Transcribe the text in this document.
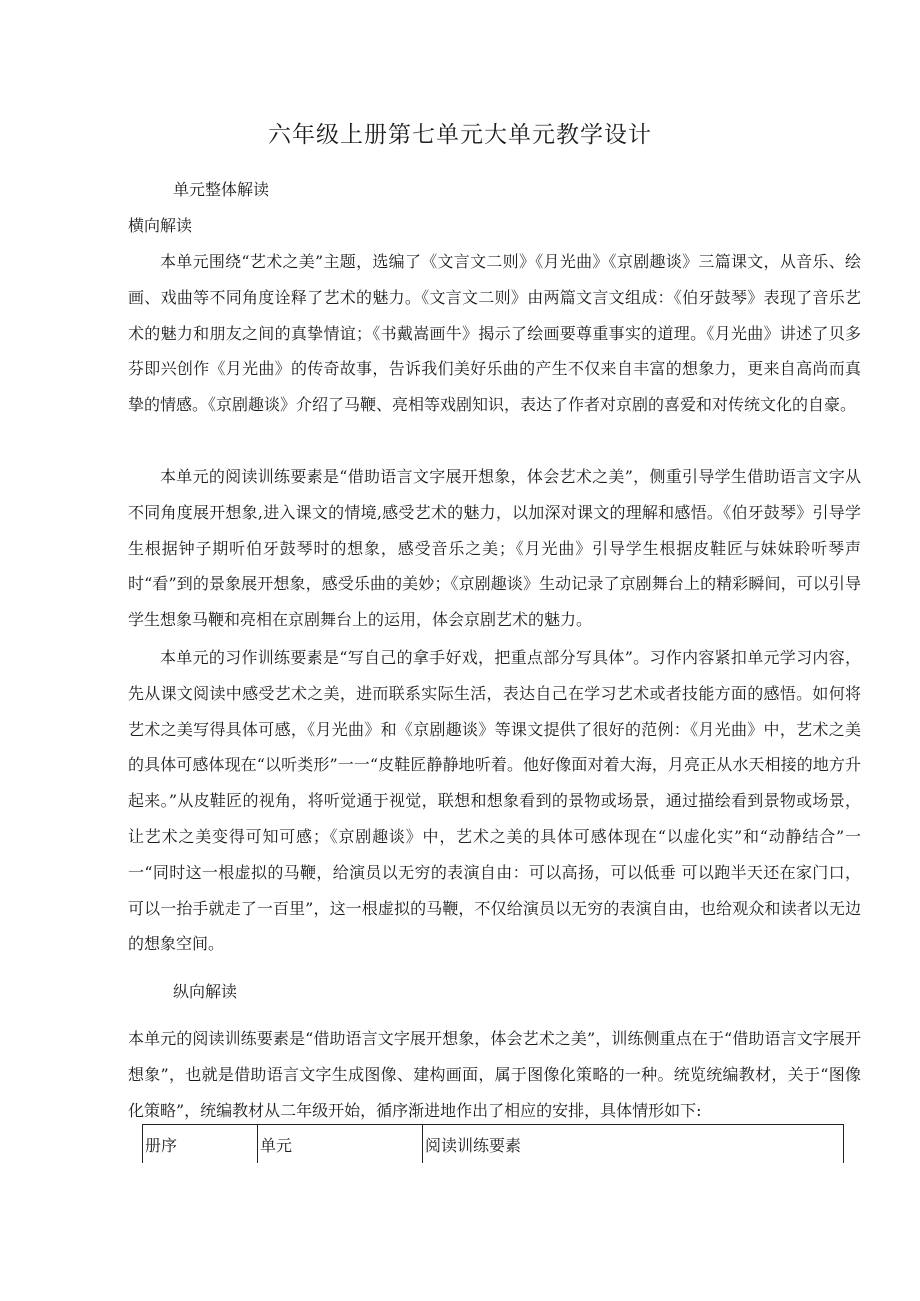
六年级上册第七单元大单元教学设计
单元整体解读
横向解读

本单元围绕“艺术之美”主题，选编了《文言文二则》《月光曲》《京剧趣谈》三篇课文，从音乐、绘画、戏曲等不同角度诠释了艺术的魅力。《文言文二则》由两篇文言文组成：《伯牙鼓琴》表现了音乐艺术的魅力和朋友之间的真挚情谊；《书戴嵩画牛》揭示了绘画要尊重事实的道理。《月光曲》讲述了贝多芬即兴创作《月光曲》的传奇故事，告诉我们美好乐曲的产生不仅来自丰富的想象力，更来自高尚而真挚的情感。《京剧趣谈》介绍了马鞭、亮相等戏剧知识，表达了作者对京剧的喜爱和对传统文化的自豪。

本单元的阅读训练要素是“借助语言文字展开想象，体会艺术之美”，侧重引导学生借助语言文字从不同角度展开想象,进入课文的情境,感受艺术的魅力，以加深对课文的理解和感悟。《伯牙鼓琴》引导学生根据钟子期听伯牙鼓琴时的想象，感受音乐之美；《月光曲》引导学生根据皮鞋匠与妹妹聆听琴声时“看”到的景象展开想象，感受乐曲的美妙；《京剧趣谈》生动记录了京剧舞台上的精彩瞬间，可以引导学生想象马鞭和亮相在京剧舞台上的运用，体会京剧艺术的魅力。

本单元的习作训练要素是“写自己的拿手好戏，把重点部分写具体”。习作内容紧扣单元学习内容，先从课文阅读中感受艺术之美，进而联系实际生活，表达自己在学习艺术或者技能方面的感悟。如何将艺术之美写得具体可感，《月光曲》和《京剧趣谈》等课文提供了很好的范例：《月光曲》中，艺术之美的具体可感体现在“以听类形”一一“皮鞋匠静静地听着。他好像面对着大海，月亮正从水天相接的地方升起来。”从皮鞋匠的视角，将听觉通于视觉，联想和想象看到的景物或场景，通过描绘看到景物或场景，让艺术之美变得可知可感；《京剧趣谈》中，艺术之美的具体可感体现在“以虚化实”和“动静结合”一一“同时这一根虚拟的马鞭，给演员以无穷的表演自由：可以高扬，可以低垂 可以跑半天还在家门口，可以一抬手就走了一百里”，这一根虚拟的马鞭，不仅给演员以无穷的表演自由，也给观众和读者以无边的想象空间。

纵向解读

本单元的阅读训练要素是“借助语言文字展开想象，体会艺术之美”，训练侧重点在于“借助语言文字展开想象”，也就是借助语言文字生成图像、建构画面，属于图像化策略的一种。统览统编教材，关于“图像化策略”，统编教材从二年级开始，循序渐进地作出了相应的安排，具体情形如下:

册序	单元	阅读训练要素
